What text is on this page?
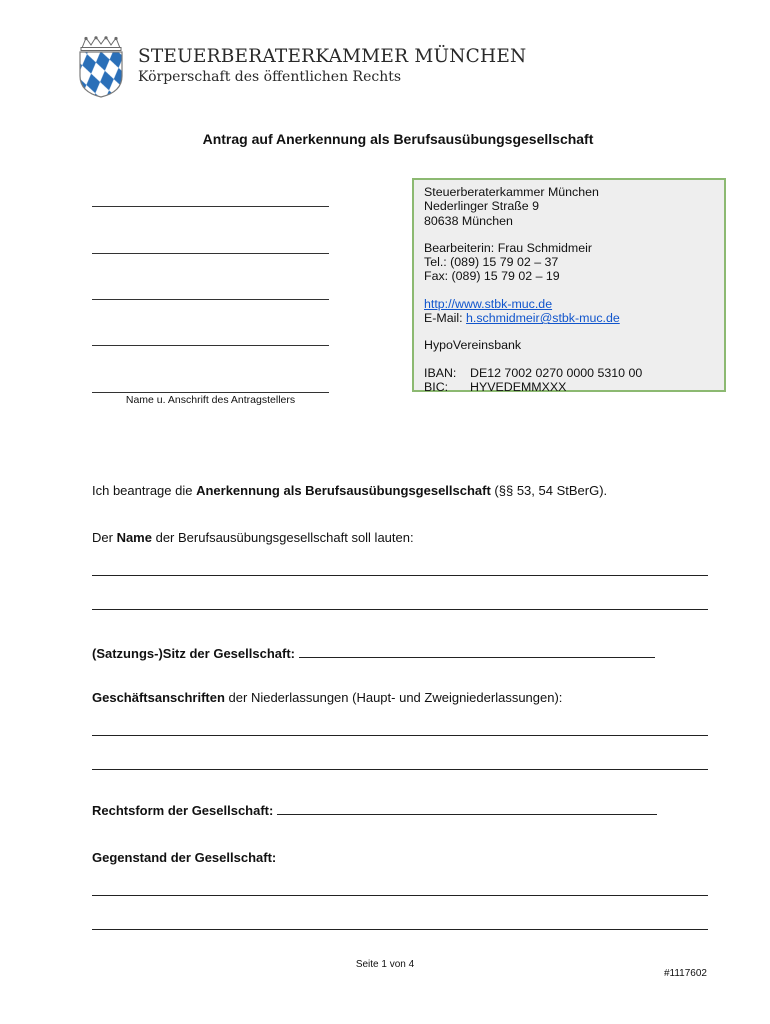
STEUERBERATERKAMMER MÜNCHEN
Körperschaft des öffentlichen Rechts
Antrag auf Anerkennung als Berufsausübungsgesellschaft
Name u. Anschrift des Antragstellers
Steuerberaterkammer München
Nederlinger Straße 9
80638 München
Bearbeiterin: Frau Schmidmeir
Tel.: (089) 15 79 02 – 37
Fax: (089) 15 79 02 – 19
http://www.stbk-muc.de
E-Mail: h.schmidmeir@stbk-muc.de
HypoVereinsbank
IBAN: DE12 7002 0270 0000 5310 00
BIC: HYVEDEMMXXX
Ich beantrage die Anerkennung als Berufsausübungsgesellschaft (§§ 53, 54 StBerG).
Der Name der Berufsausübungsgesellschaft soll lauten:
(Satzungs-)Sitz der Gesellschaft:
Geschäftsanschriften der Niederlassungen (Haupt- und Zweigniederlassungen):
Rechtsform der Gesellschaft:
Gegenstand der Gesellschaft:
Seite 1 von 4
#1117602
